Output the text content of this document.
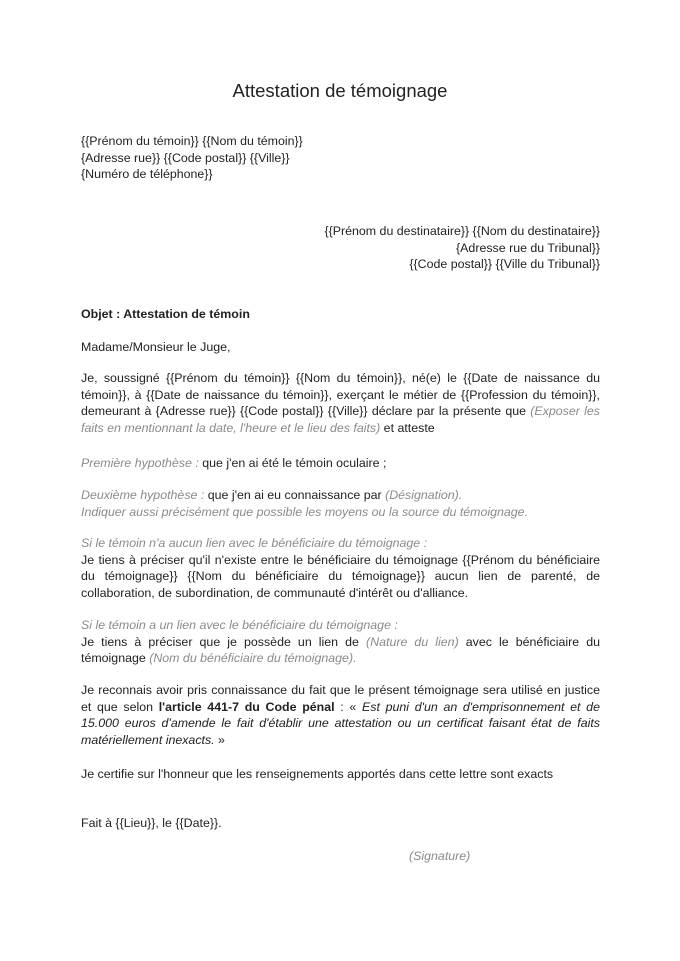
Attestation de témoignage
{{Prénom du témoin}} {{Nom du témoin}}
{Adresse rue}} {{Code postal}} {{Ville}}
{Numéro de téléphone}}
{{Prénom du destinataire}} {{Nom du destinataire}}
{Adresse rue du Tribunal}}
{{Code postal}} {{Ville du Tribunal}}
Objet : Attestation de témoin
Madame/Monsieur le Juge,
Je, soussigné {{Prénom du témoin}} {{Nom du témoin}}, né(e) le {{Date de naissance du témoin}}, à {{Date de naissance du témoin}}, exerçant le métier de {{Profession du témoin}}, demeurant à {Adresse rue}} {{Code postal}} {{Ville}} déclare par la présente que (Exposer les faits en mentionnant la date, l'heure et le lieu des faits) et atteste
Première hypothèse : que j'en ai été le témoin oculaire ;
Deuxième hypothèse : que j'en ai eu connaissance par (Désignation).
Indiquer aussi précisément que possible les moyens ou la source du témoignage.
Si le témoin n'a aucun lien avec le bénéficiaire du témoignage :
Je tiens à préciser qu'il n'existe entre le bénéficiaire du témoignage {{Prénom du bénéficiaire du témoignage}} {{Nom du bénéficiaire du témoignage}} aucun lien de parenté, de collaboration, de subordination, de communauté d'intérêt ou d'alliance.
Si le témoin a un lien avec le bénéficiaire du témoignage :
Je tiens à préciser que je possède un lien de (Nature du lien) avec le bénéficiaire du témoignage (Nom du bénéficiaire du témoignage).
Je reconnais avoir pris connaissance du fait que le présent témoignage sera utilisé en justice et que selon l'article 441-7 du Code pénal : « Est puni d'un an d'emprisonnement et de 15.000 euros d'amende le fait d'établir une attestation ou un certificat faisant état de faits matériellement inexacts. »
Je certifie sur l'honneur que les renseignements apportés dans cette lettre sont exacts
Fait à {{Lieu}}, le {{Date}}.
(Signature)
